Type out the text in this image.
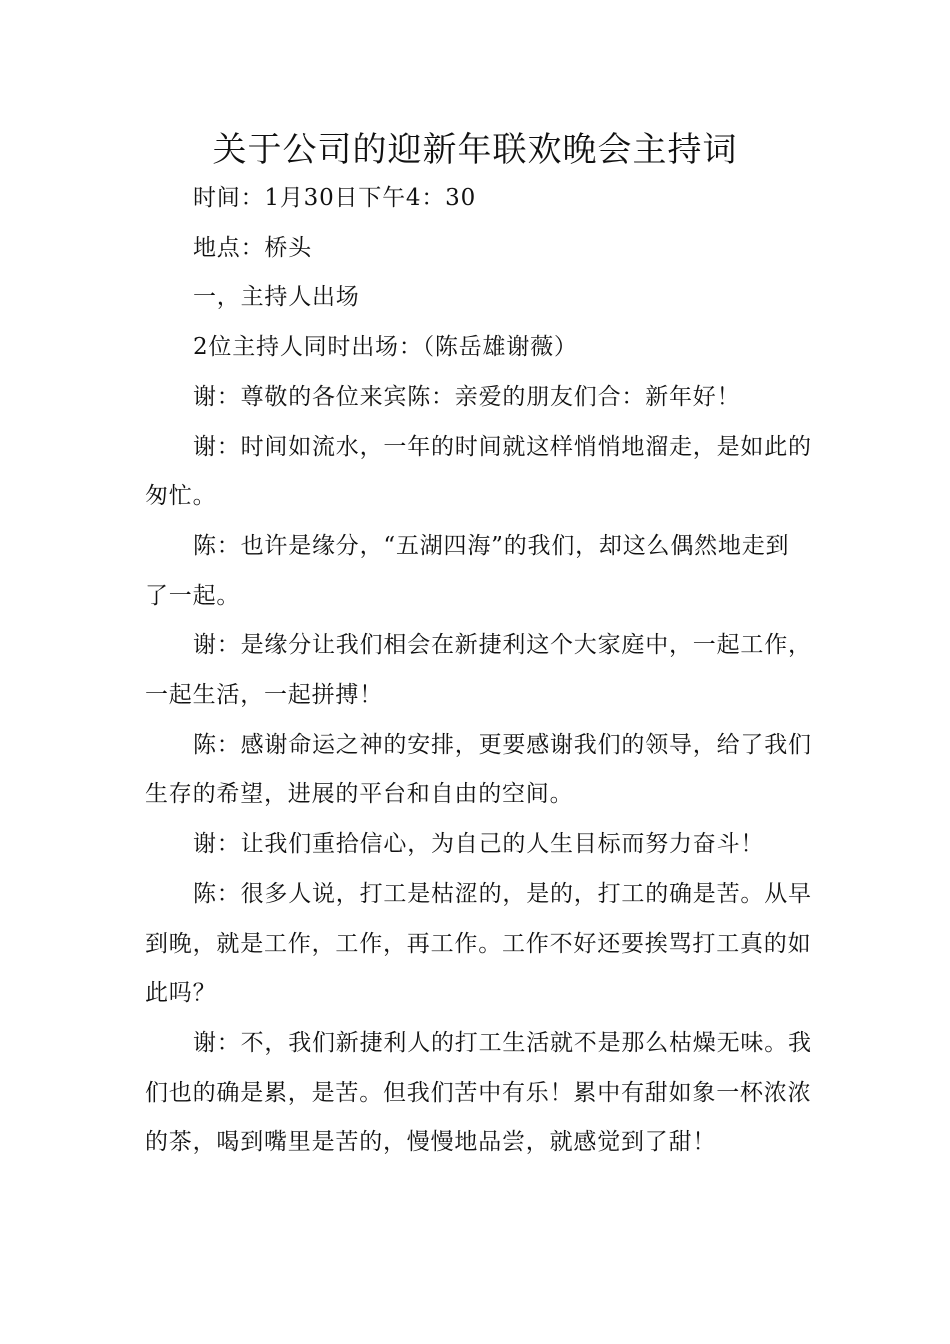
关于公司的迎新年联欢晚会主持词

时间：1月30日下午4：30

地点：桥头

一，主持人出场

2位主持人同时出场：（陈岳雄谢薇）

谢：尊敬的各位来宾陈：亲爱的朋友们合：新年好！

谢：时间如流水，一年的时间就这样悄悄地溜走，是如此的匆忙。

陈：也许是缘分，“五湖四海”的我们，却这么偶然地走到了一起。

谢：是缘分让我们相会在新捷利这个大家庭中，一起工作，一起生活，一起拼搏！

陈：感谢命运之神的安排，更要感谢我们的领导，给了我们生存的希望，进展的平台和自由的空间。

谢：让我们重拾信心，为自己的人生目标而努力奋斗！

陈：很多人说，打工是枯涩的，是的，打工的确是苦。从早到晚，就是工作，工作，再工作。工作不好还要挨骂打工真的如此吗？

谢：不，我们新捷利人的打工生活就不是那么枯燥无味。我们也的确是累，是苦。但我们苦中有乐！累中有甜如象一杯浓浓的茶，喝到嘴里是苦的，慢慢地品尝，就感觉到了甜！
